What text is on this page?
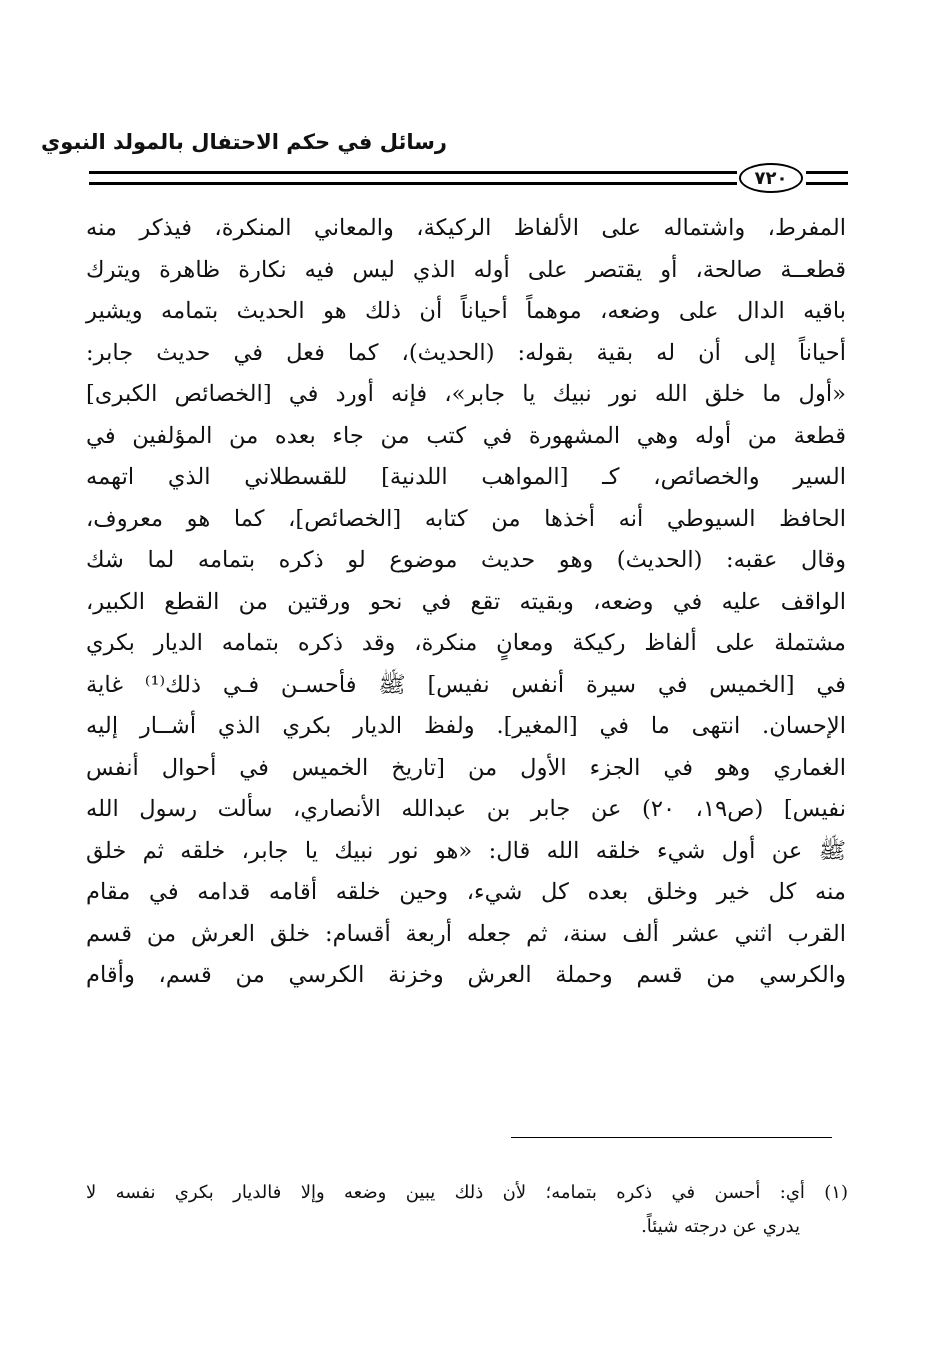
رسائل في حكم الاحتفال بالمولد النبوي
٧٢٠
المفرط، واشتماله على الألفاظ الركيكة، والمعاني المنكرة، فيذكر منه
قطعــة صالحة، أو يقتصر على أوله الذي ليس فيه نكارة ظاهرة ويترك
باقيه الدال على وضعه، موهماً أحياناً أن ذلك هو الحديث بتمامه ويشير
أحياناً إلى أن له بقية بقوله: (الحديث)، كما فعل في حديث جابر:
«أول ما خلق الله نور نبيك يا جابر»، فإنه أورد في [الخصائص الكبرى]
قطعة من أوله وهي المشهورة في كتب من جاء بعده من المؤلفين في
السير والخصائص، كـ [المواهب اللدنية] للقسطلاني الذي اتهمه
الحافظ السيوطي أنه أخذها من كتابه [الخصائص]، كما هو معروف،
وقال عقبه: (الحديث) وهو حديث موضوع لو ذكره بتمامه لما شك
الواقف عليه في وضعه، وبقيته تقع في نحو ورقتين من القطع الكبير،
مشتملة على ألفاظ ركيكة ومعانٍ منكرة، وقد ذكره بتمامه الديار بكري
في [الخميس في سيرة أنفس نفيس] ﷺ فأحسـن فـي ذلك⁽¹⁾ غاية
الإحسان. انتهى ما في [المغير]. ولفظ الديار بكري الذي أشــار إليه
الغماري وهو في الجزء الأول من [تاريخ الخميس في أحوال أنفس
نفيس] (ص١٩، ٢٠) عن جابر بن عبدالله الأنصاري، سألت رسول الله
ﷺ عن أول شيء خلقه الله قال: «هو نور نبيك يا جابر، خلقه ثم خلق
منه كل خير وخلق بعده كل شيء، وحين خلقه أقامه قدامه في مقام
القرب اثني عشر ألف سنة، ثم جعله أربعة أقسام: خلق العرش من قسم
والكرسي من قسم وحملة العرش وخزنة الكرسي من قسم، وأقام
(١) أي: أحسن في ذكره بتمامه؛ لأن ذلك يبين وضعه وإلا فالديار بكري نفسه لا
يدري عن درجته شيئاً.
